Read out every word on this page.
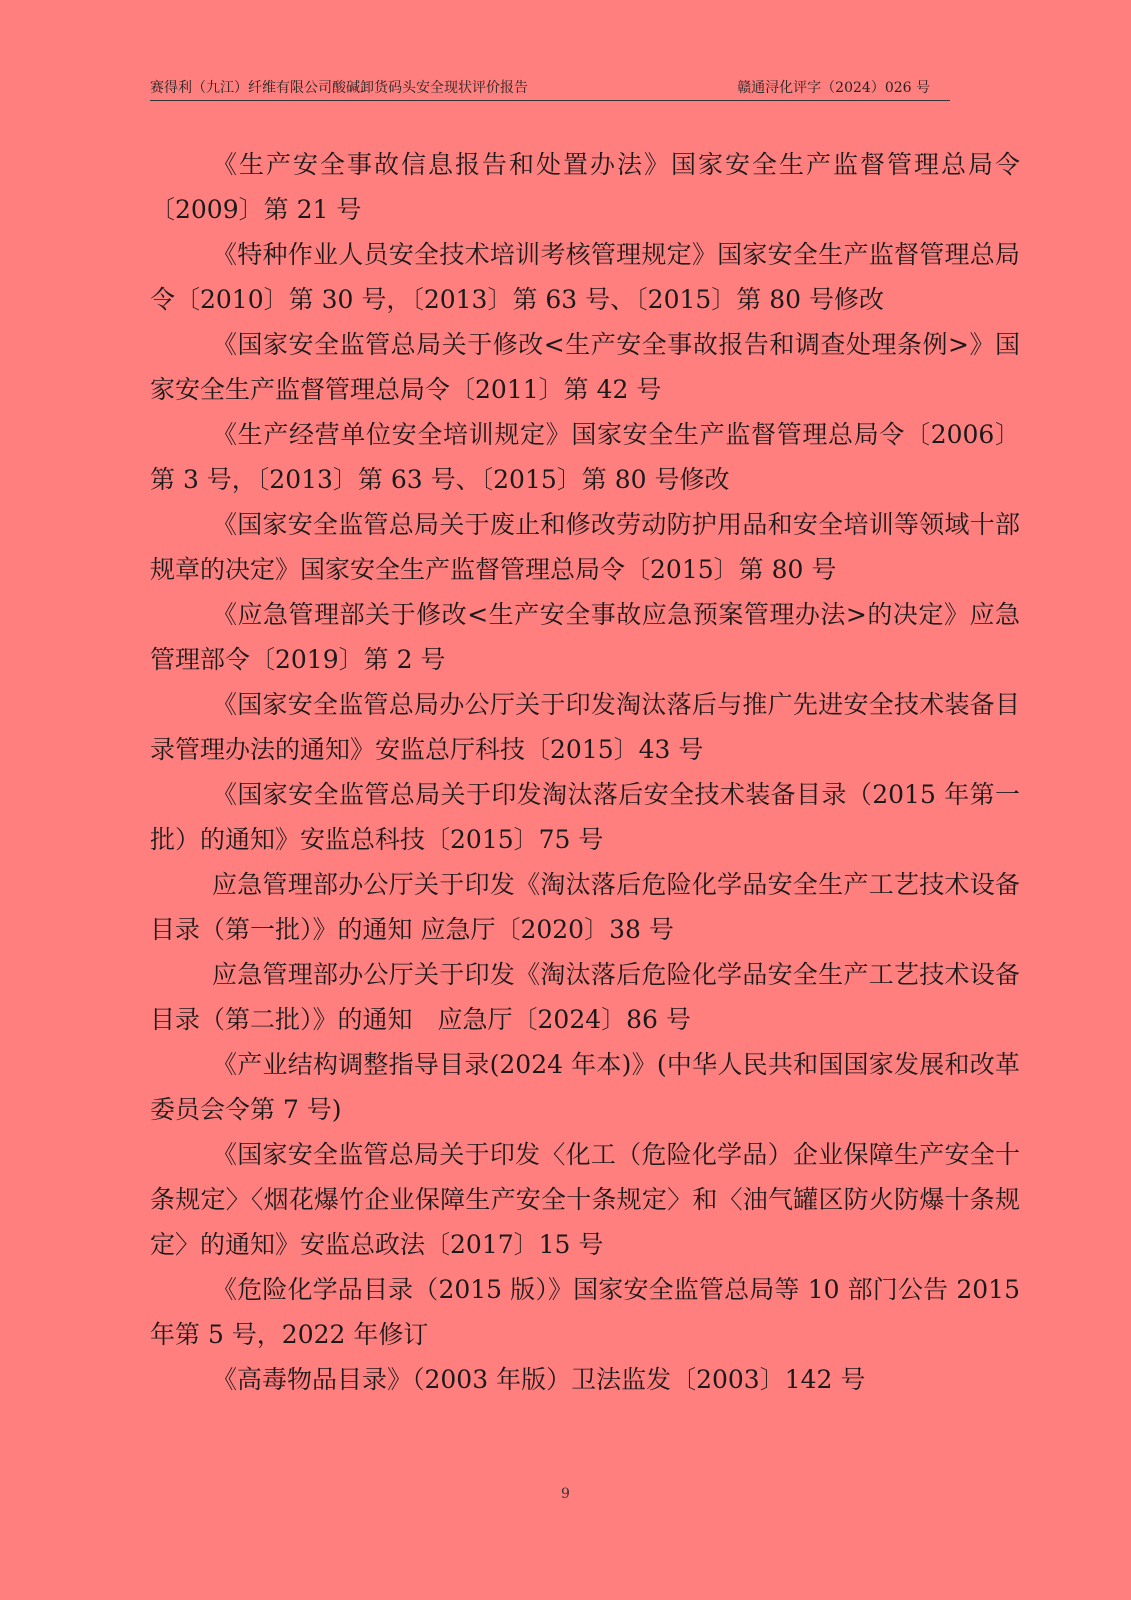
赛得利（九江）纤维有限公司酸碱卸货码头安全现状评价报告	赣通浔化评字（2024）026 号

《生产安全事故信息报告和处置办法》国家安全生产监督管理总局令〔2009〕第 21 号

《特种作业人员安全技术培训考核管理规定》国家安全生产监督管理总局令〔2010〕第 30 号，〔2013〕第 63 号、〔2015〕第 80 号修改

《国家安全监管总局关于修改<生产安全事故报告和调查处理条例>》国家安全生产监督管理总局令〔2011〕第 42 号

《生产经营单位安全培训规定》国家安全生产监督管理总局令〔2006〕第 3 号，〔2013〕第 63 号、〔2015〕第 80 号修改

《国家安全监管总局关于废止和修改劳动防护用品和安全培训等领域十部规章的决定》国家安全生产监督管理总局令〔2015〕第 80 号

《应急管理部关于修改<生产安全事故应急预案管理办法>的决定》应急管理部令〔2019〕第 2 号

《国家安全监管总局办公厅关于印发淘汰落后与推广先进安全技术装备目录管理办法的通知》安监总厅科技〔2015〕43 号

《国家安全监管总局关于印发淘汰落后安全技术装备目录（2015 年第一批）的通知》安监总科技〔2015〕75 号

应急管理部办公厅关于印发《淘汰落后危险化学品安全生产工艺技术设备目录（第一批）》的通知 应急厅〔2020〕38 号

应急管理部办公厅关于印发《淘汰落后危险化学品安全生产工艺技术设备目录（第二批）》的通知　应急厅〔2024〕86 号

《产业结构调整指导目录(2024 年本)》(中华人民共和国国家发展和改革委员会令第 7 号)

《国家安全监管总局关于印发〈化工（危险化学品）企业保障生产安全十条规定〉〈烟花爆竹企业保障生产安全十条规定〉和〈油气罐区防火防爆十条规定〉的通知》安监总政法〔2017〕15 号

《危险化学品目录（2015 版）》国家安全监管总局等 10 部门公告 2015 年第 5 号，2022 年修订

《高毒物品目录》（2003 年版）卫法监发〔2003〕142 号

9
